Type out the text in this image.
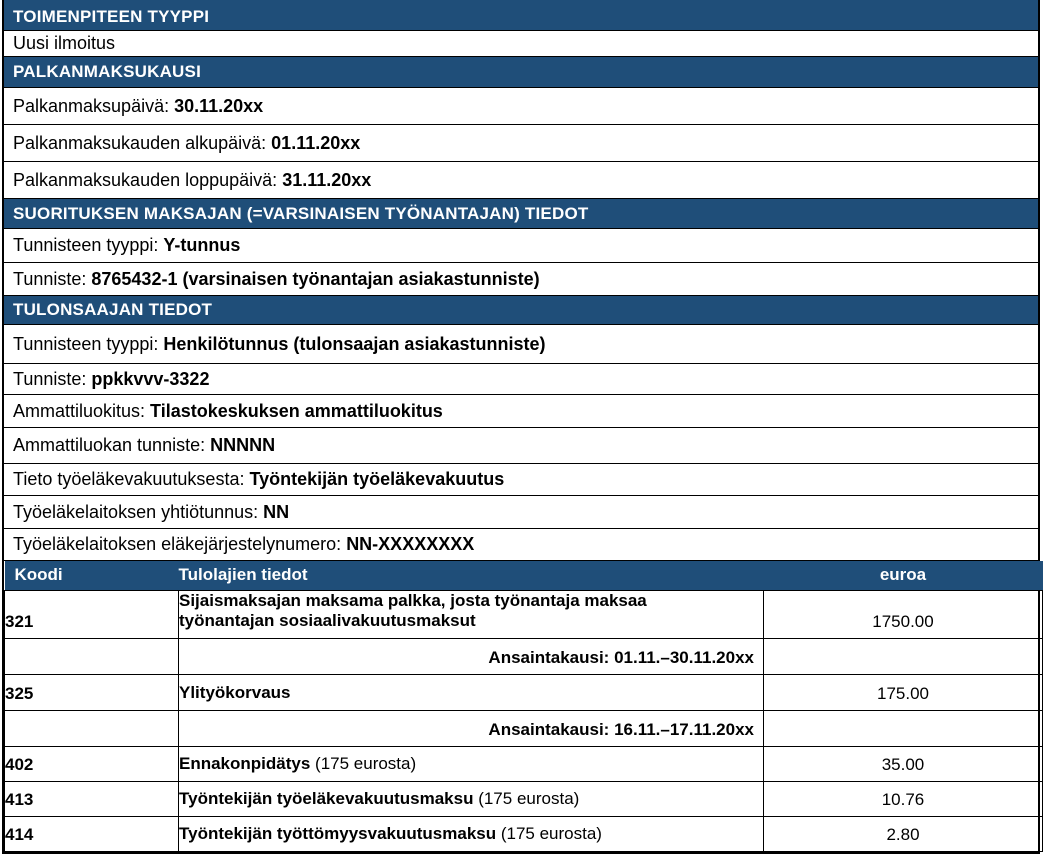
TOIMENPITEEN TYYPPI
Uusi ilmoitus
PALKANMAKSUKAUSI
Palkanmaksupäivä: 30.11.20xx
Palkanmaksukauden alkupäivä: 01.11.20xx
Palkanmaksukauden loppupäivä: 31.11.20xx
SUORITUKSEN MAKSAJAN (=VARSINAISEN TYÖNANTAJAN) TIEDOT
Tunnisteen tyyppi: Y-tunnus
Tunniste: 8765432-1 (varsinaisen työnantajan asiakastunniste)
TULONSAAJAN TIEDOT
Tunnisteen tyyppi: Henkilötunnus (tulonsaajan asiakastunniste)
Tunniste: ppkkvvv-3322
Ammattiluokitus: Tilastokeskuksen ammattiluokitus
Ammattiluokan tunniste: NNNNN
Tieto työeläkevakuutuksesta: Työntekijän työeläkevakuutus
Työeläkelaitoksen yhtiötunnus: NN
Työeläkelaitoksen eläkejärjestelynumero: NN-XXXXXXXX
Koodi	Tulolajien tiedot	euroa
321	Sijaismaksajan maksama palkka, josta työnantaja maksaa työnantajan sosiaalivakuutusmaksut	1750.00
	Ansaintakausi: 01.11.–30.11.20xx	
325	Ylityökorvaus	175.00
	Ansaintakausi: 16.11.–17.11.20xx	
402	Ennakonpidätys (175 eurosta)	35.00
413	Työntekijän työeläkevakuutusmaksu (175 eurosta)	10.76
414	Työntekijän työttömyysvakuutusmaksu (175 eurosta)	2.80
